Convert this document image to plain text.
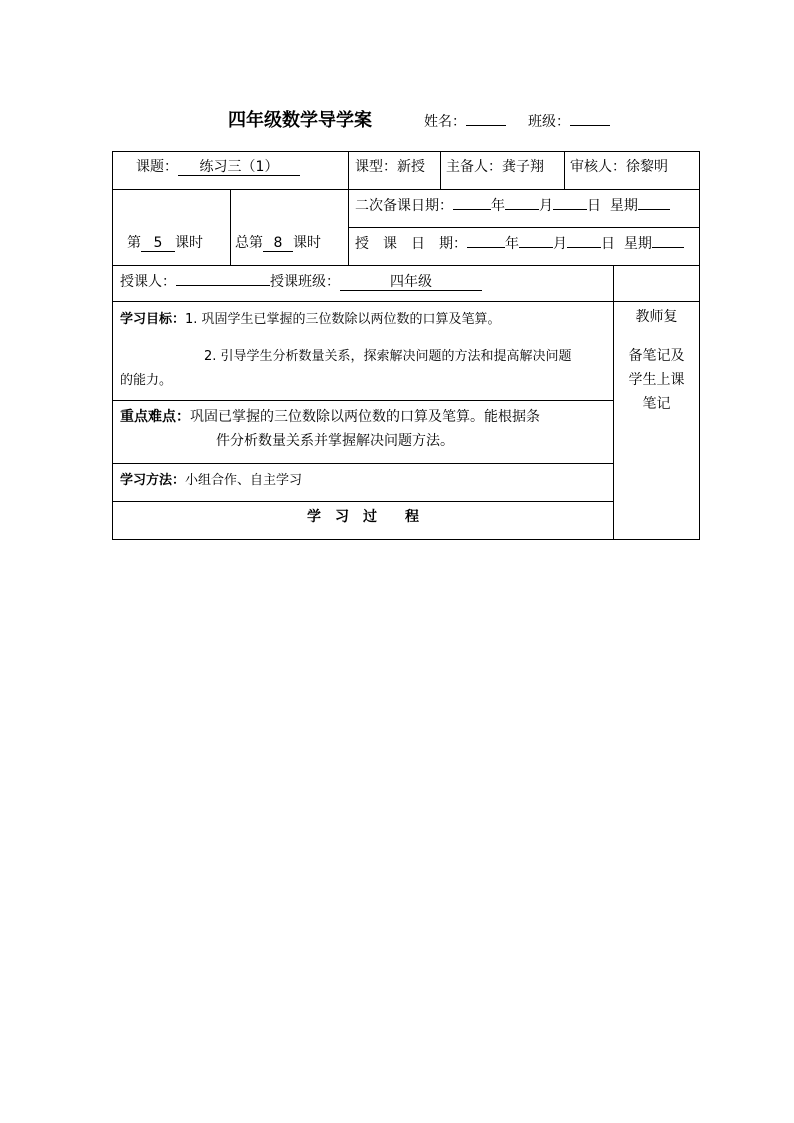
四年级数学导学案	姓名：	班级：
课题： 练习三（1）	课型：新授 主备人：龚子翔 审核人：徐黎明
第 5 课时 总第 8 课时
二次备课日期：	年 月 日 星期
授　课　日　期：	年 月 日 星期
授课人：	授课班级：	四年级
学习目标：1. 巩固学生已掌握的三位数除以两位数的口算及笔算。
2. 引导学生分析数量关系，探索解决问题的方法和提高解决问题
的能力。
重点难点：巩固已掌握的三位数除以两位数的口算及笔算。能根据条
件分析数量关系并掌握解决问题方法。
学习方法：小组合作、自主学习
学　习　过　　程
教师复
备笔记及
学生上课
笔记
